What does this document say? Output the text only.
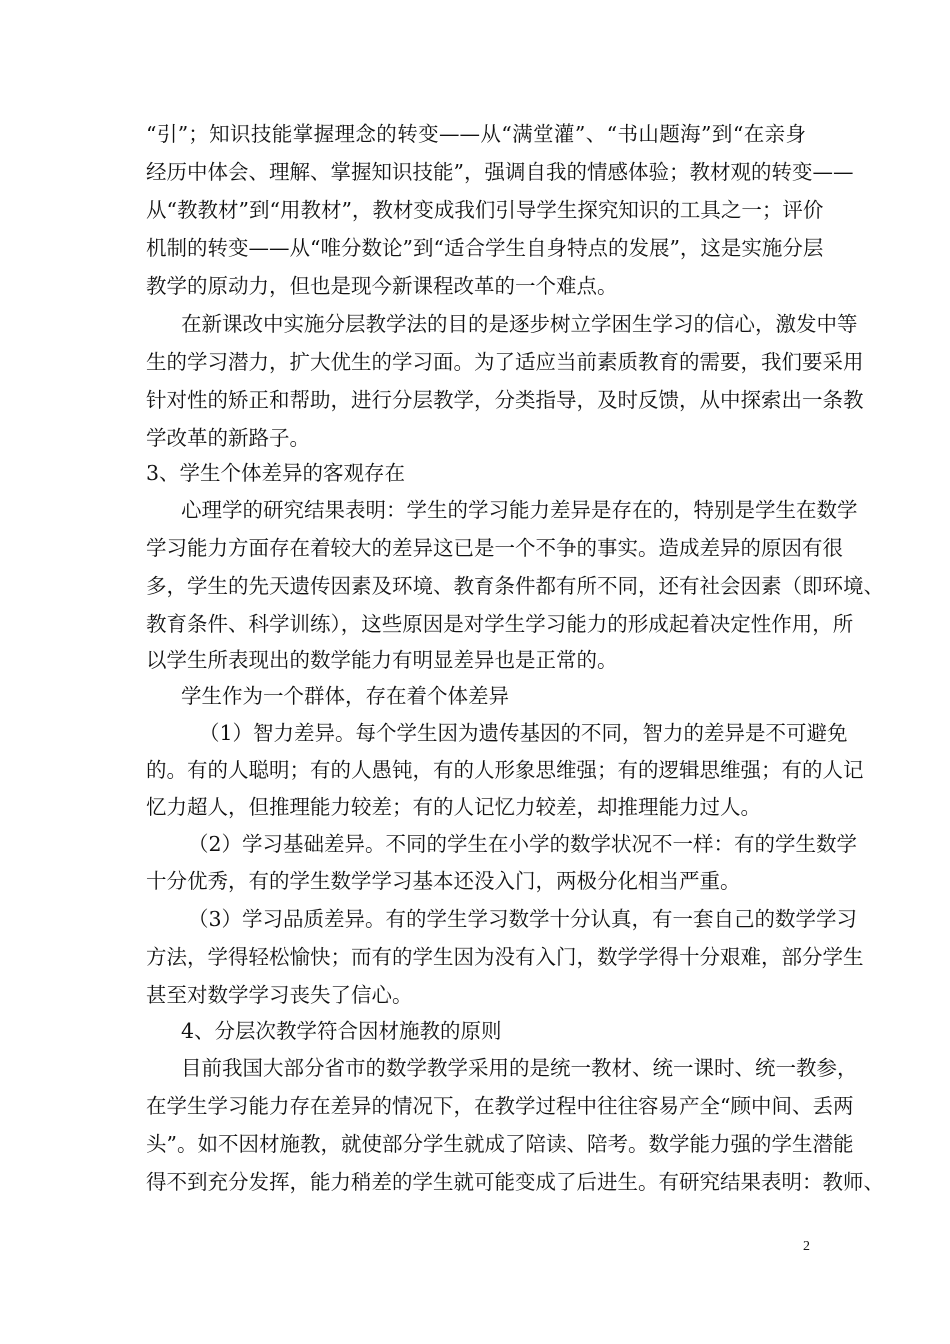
“引”；知识技能掌握理念的转变——从“满堂灌”、“书山题海”到“在亲身
经历中体会、理解、掌握知识技能”，强调自我的情感体验；教材观的转变——
从“教教材”到“用教材”，教材变成我们引导学生探究知识的工具之一；评价
机制的转变——从“唯分数论”到“适合学生自身特点的发展”，这是实施分层
教学的原动力，但也是现今新课程改革的一个难点。
在新课改中实施分层教学法的目的是逐步树立学困生学习的信心，激发中等
生的学习潜力，扩大优生的学习面。为了适应当前素质教育的需要，我们要采用
针对性的矫正和帮助，进行分层教学，分类指导，及时反馈，从中探索出一条教
学改革的新路子。
3、学生个体差异的客观存在
心理学的研究结果表明：学生的学习能力差异是存在的，特别是学生在数学
学习能力方面存在着较大的差异这已是一个不争的事实。造成差异的原因有很
多，学生的先天遗传因素及环境、教育条件都有所不同，还有社会因素（即环境、
教育条件、科学训练），这些原因是对学生学习能力的形成起着决定性作用，所
以学生所表现出的数学能力有明显差异也是正常的。
学生作为一个群体，存在着个体差异
（1）智力差异。每个学生因为遗传基因的不同，智力的差异是不可避免
的。有的人聪明；有的人愚钝，有的人形象思维强；有的逻辑思维强；有的人记
忆力超人，但推理能力较差；有的人记忆力较差，却推理能力过人。
（2）学习基础差异。不同的学生在小学的数学状况不一样：有的学生数学
十分优秀，有的学生数学学习基本还没入门，两极分化相当严重。
（3）学习品质差异。有的学生学习数学十分认真，有一套自己的数学学习
方法，学得轻松愉快；而有的学生因为没有入门，数学学得十分艰难，部分学生
甚至对数学学习丧失了信心。
4、分层次教学符合因材施教的原则
目前我国大部分省市的数学教学采用的是统一教材、统一课时、统一教参，
在学生学习能力存在差异的情况下，在教学过程中往往容易产全“顾中间、丢两
头”。如不因材施教，就使部分学生就成了陪读、陪考。数学能力强的学生潜能
得不到充分发挥，能力稍差的学生就可能变成了后进生。有研究结果表明：教师、
2
